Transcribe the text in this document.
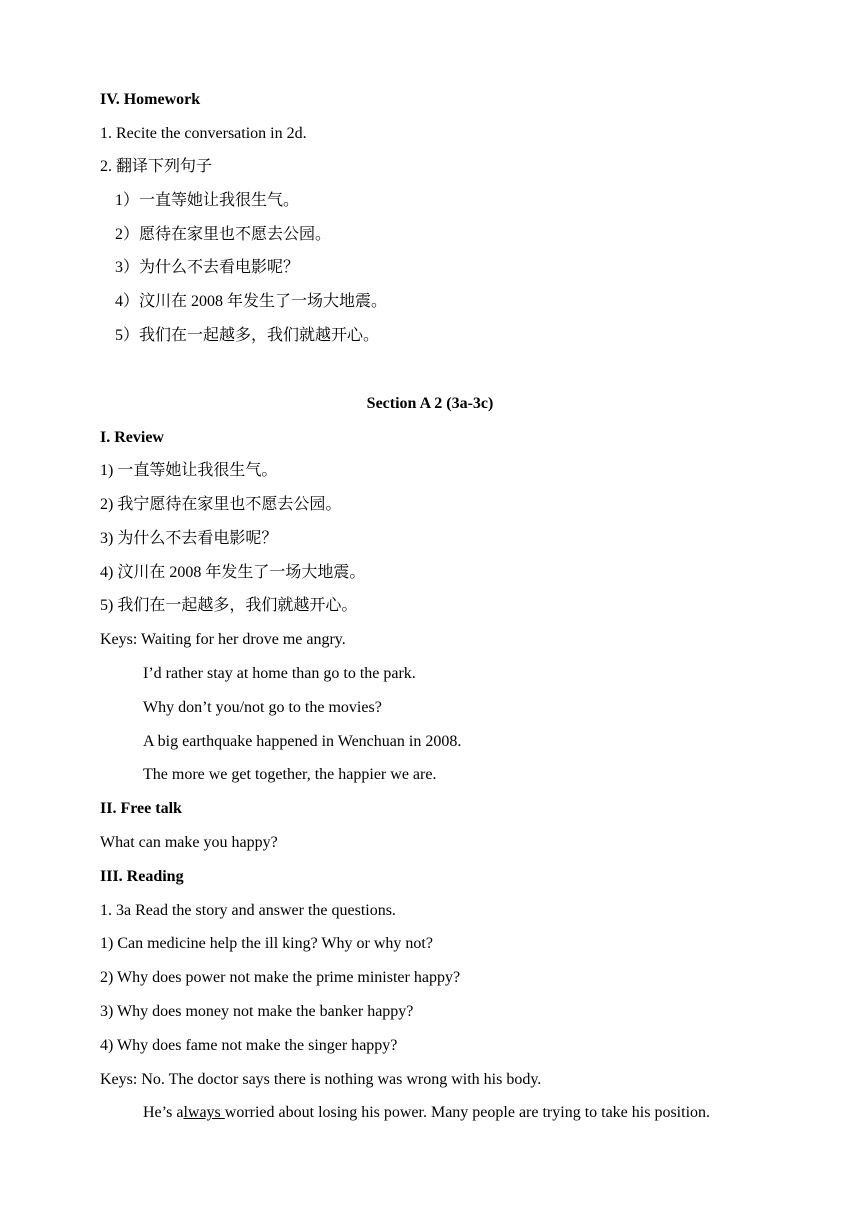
IV. Homework
1. Recite the conversation in 2d.
2. 翻译下列句子
1）一直等她让我很生气。
2）愿待在家里也不愿去公园。
3）为什么不去看电影呢？
4）汶川在 2008 年发生了一场大地震。
5）我们在一起越多，我们就越开心。
Section A 2 (3a-3c)
I. Review
1) 一直等她让我很生气。
2) 我宁愿待在家里也不愿去公园。
3) 为什么不去看电影呢？
4) 汶川在 2008 年发生了一场大地震。
5) 我们在一起越多，我们就越开心。
Keys: Waiting for her drove me angry.
I’d rather stay at home than go to the park.
Why don’t you/not go to the movies?
A big earthquake happened in Wenchuan in 2008.
The more we get together, the happier we are.
II. Free talk
What can make you happy?
III. Reading
1. 3a Read the story and answer the questions.
1) Can medicine help the ill king? Why or why not?
2) Why does power not make the prime minister happy?
3) Why does money not make the banker happy?
4) Why does fame not make the singer happy?
Keys: No. The doctor says there is nothing was wrong with his body.
He’s always worried about losing his power. Many people are trying to take his position.
